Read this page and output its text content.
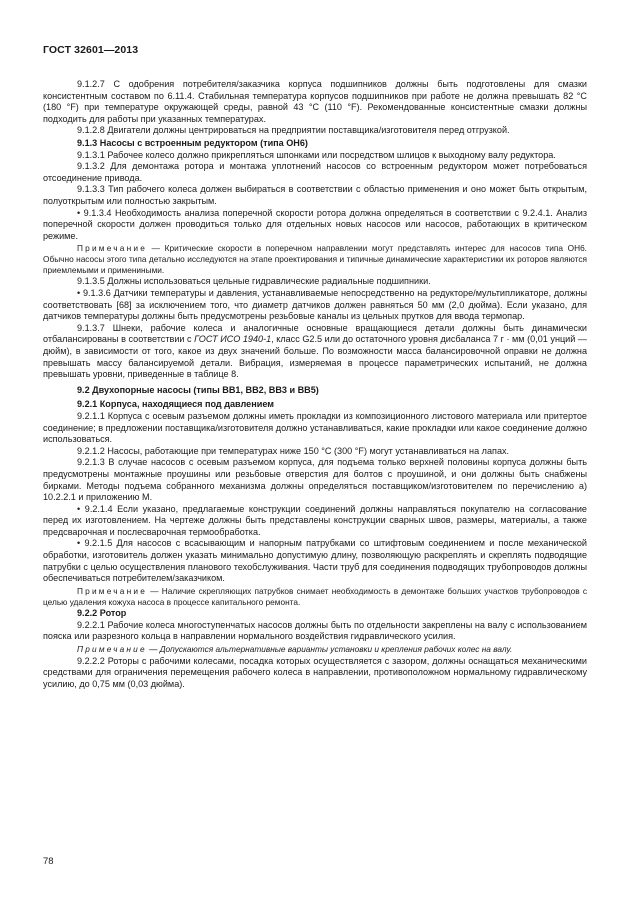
ГОСТ 32601—2013

9.1.2.7 С одобрения потребителя/заказчика корпуса подшипников должны быть подготовлены для смазки консистентным составом по 6.11.4. Стабильная температура корпусов подшипников при работе не должна превышать 82 °С (180 °F) при температуре окружающей среды, равной 43 °С (110 °F). Рекомендованные консистентные смазки должны подходить для работы при указанных температурах.

9.1.2.8 Двигатели должны центрироваться на предприятии поставщика/изготовителя перед отгрузкой.

9.1.3 Насосы с встроенным редуктором (типа ОН6)

9.1.3.1 Рабочее колесо должно прикрепляться шпонками или посредством шлицов к выходному валу редуктора.

9.1.3.2 Для демонтажа ротора и монтажа уплотнений насосов со встроенным редуктором может потребоваться отсоединение привода.

9.1.3.3 Тип рабочего колеса должен выбираться в соответствии с областью применения и оно может быть открытым, полуоткрытым или полностью закрытым.

• 9.1.3.4 Необходимость анализа поперечной скорости ротора должна определяться в соответствии с 9.2.4.1. Анализ поперечной скорости должен проводиться только для отдельных новых насосов или насосов, работающих в критическом режиме.

Примечание — Критические скорости в поперечном направлении могут представлять интерес для насосов типа ОН6. Обычно насосы этого типа детально исследуются на этапе проектирования и типичные динамические характеристики их роторов являются приемлемыми и примениными.

9.1.3.5 Должны использоваться цельные гидравлические радиальные подшипники.

• 9.1.3.6 Датчики температуры и давления, устанавливаемые непосредственно на редукторе/мультипликаторе, должны соответствовать [68] за исключением того, что диаметр датчиков должен равняться 50 мм (2,0 дюйма). Если указано, для датчиков температуры должны быть предусмотрены резьбовые каналы из цельных прутков для ввода термопар.

9.1.3.7 Шнеки, рабочие колеса и аналогичные основные вращающиеся детали должны быть динамически отбалансированы в соответствии с ГОСТ ИСО 1940-1, класс G2.5 или до остаточного уровня дисбаланса 7 г · мм (0,01 унций — дюйм), в зависимости от того, какое из двух значений больше. По возможности масса балансировочной оправки не должна превышать массу балансируемой детали. Вибрация, измеряемая в процессе параметрических испытаний, не должна превышать уровни, приведенные в таблице 8.

9.2 Двухопорные насосы (типы ВВ1, ВВ2, ВВ3 и ВВ5)

9.2.1 Корпуса, находящиеся под давлением

9.2.1.1 Корпуса с осевым разъемом должны иметь прокладки из композиционного листового материала или притертое соединение; в предложении поставщика/изготовителя должно устанавливаться, какие прокладки или какое соединение должно использоваться.

9.2.1.2 Насосы, работающие при температурах ниже 150 °С (300 °F) могут устанавливаться на лапах.

9.2.1.3 В случае насосов с осевым разъемом корпуса, для подъема только верхней половины корпуса должны быть предусмотрены монтажные проушины или резьбовые отверстия для болтов с проушиной, и они должны быть снабжены бирками. Методы подъема собранного механизма должны определяться поставщиком/изготовителем по перечислению а) 10.2.2.1 и приложению М.

• 9.2.1.4 Если указано, предлагаемые конструкции соединений должны направляться покупателю на согласование перед их изготовлением. На чертеже должны быть представлены конструкции сварных швов, размеры, материалы, а также предсварочная и послесварочная термообработка.

• 9.2.1.5 Для насосов с всасывающим и напорным патрубками со штифтовым соединением и после механической обработки, изготовитель должен указать минимально допустимую длину, позволяющую раскреплять и скреплять подводящие патрубки с целью осуществления планового техобслуживания. Части труб для соединения подводящих трубопроводов должны обеспечиваться потребителем/заказчиком.

Примечание — Наличие скрепляющих патрубков снимает необходимость в демонтаже больших участков трубопроводов с целью удаления кожуха насоса в процессе капитального ремонта.

9.2.2 Ротор

9.2.2.1 Рабочие колеса многоступенчатых насосов должны быть по отдельности закреплены на валу с использованием пояска или разрезного кольца в направлении нормального воздействия гидравлического усилия.

Примечание — Допускаются альтернативные варианты установки и крепления рабочих колес на валу.

9.2.2.2 Роторы с рабочими колесами, посадка которых осуществляется с зазором, должны оснащаться механическими средствами для ограничения перемещения рабочего колеса в направлении, противоположном нормальному гидравлическому усилию, до 0,75 мм (0,03 дюйма).

78
